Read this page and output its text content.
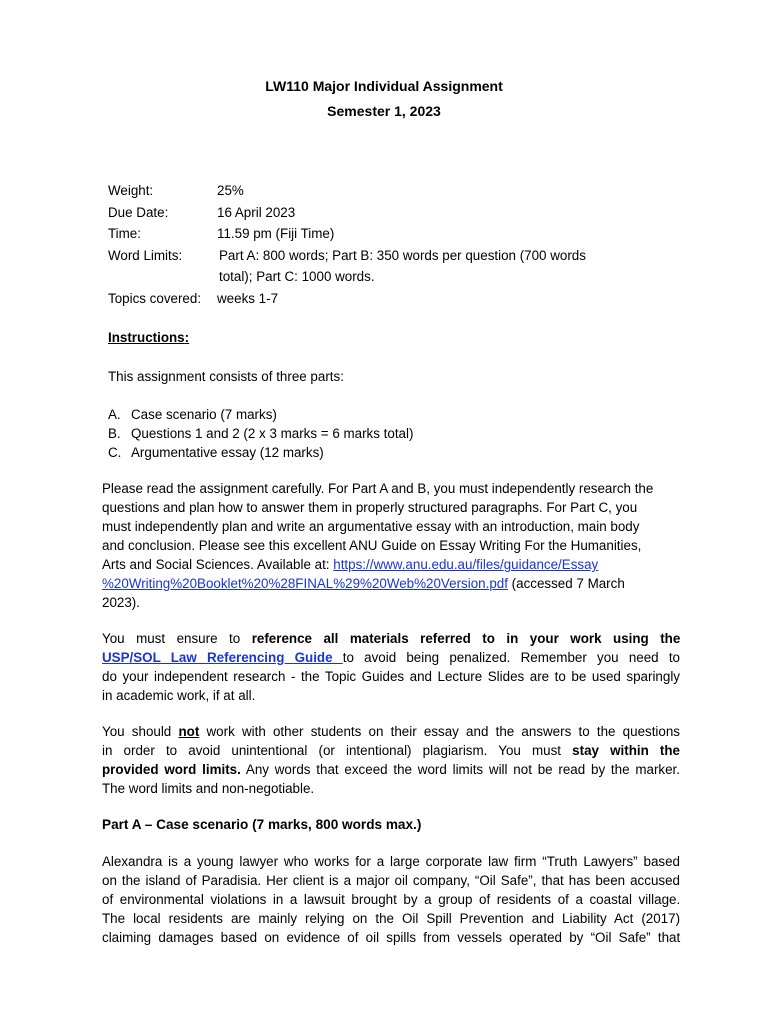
LW110 Major Individual Assignment
Semester 1, 2023
Weight:	25%
Due Date:	16 April 2023
Time:	11.59 pm (Fiji Time)
Word Limits:	Part A: 800 words; Part B: 350 words per question (700 words
total); Part C: 1000 words.
Topics covered: weeks 1-7
Instructions:
This assignment consists of three parts:
A. Case scenario (7 marks)
B. Questions 1 and 2 (2 x 3 marks = 6 marks total)
C. Argumentative essay (12 marks)
Please read the assignment carefully. For Part A and B, you must independently research the
questions and plan how to answer them in properly structured paragraphs. For Part C, you
must independently plan and write an argumentative essay with an introduction, main body
and conclusion. Please see this excellent ANU Guide on Essay Writing For the Humanities,
Arts and Social Sciences. Available at: https://www.anu.edu.au/files/guidance/Essay
%20Writing%20Booklet%20%28FINAL%29%20Web%20Version.pdf (accessed 7 March
2023).
You must ensure to reference all materials referred to in your work using the
USP/SOL Law Referencing Guide to avoid being penalized. Remember you need to
do your independent research - the Topic Guides and Lecture Slides are to be used sparingly
in academic work, if at all.
You should not work with other students on their essay and the answers to the questions
in order to avoid unintentional (or intentional) plagiarism. You must stay within the
provided word limits. Any words that exceed the word limits will not be read by the marker.
The word limits and non-negotiable.
Part A – Case scenario (7 marks, 800 words max.)
Alexandra is a young lawyer who works for a large corporate law firm “Truth Lawyers” based
on the island of Paradisia. Her client is a major oil company, “Oil Safe”, that has been accused
of environmental violations in a lawsuit brought by a group of residents of a coastal village.
The local residents are mainly relying on the Oil Spill Prevention and Liability Act (2017)
claiming damages based on evidence of oil spills from vessels operated by “Oil Safe” that
